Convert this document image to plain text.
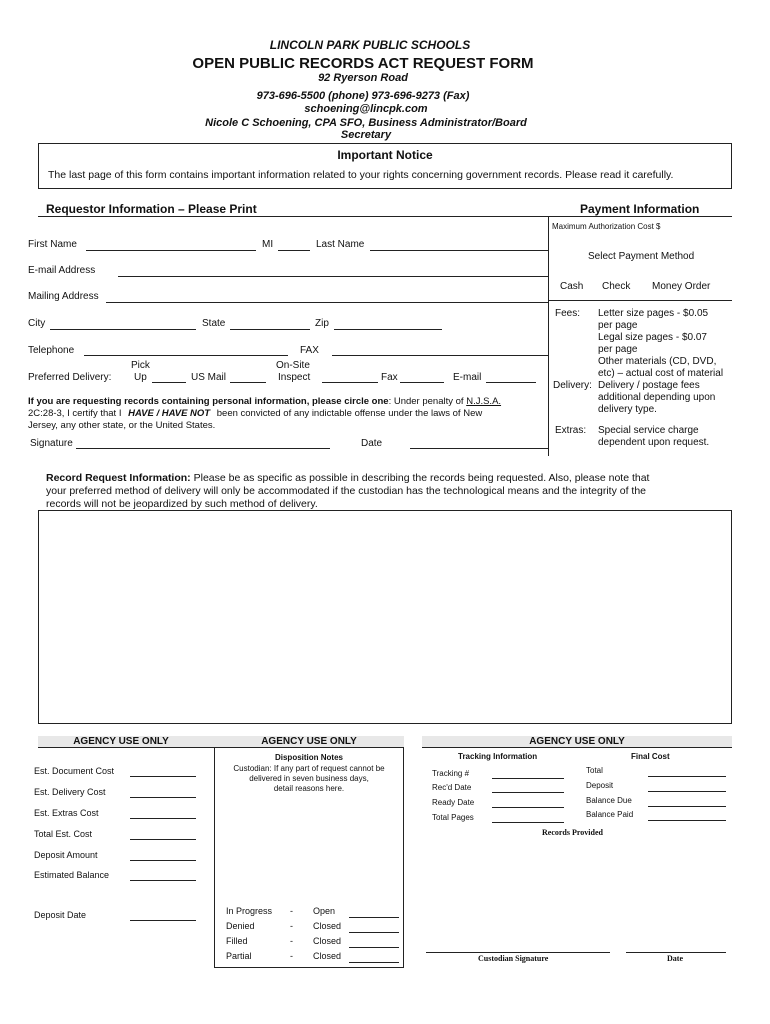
LINCOLN PARK PUBLIC SCHOOLS
OPEN PUBLIC RECORDS ACT REQUEST FORM
92 Ryerson Road
973-696-5500 (phone) 973-696-9273 (Fax)
schoening@lincpk.com
Nicole C Schoening, CPA SFO, Business Administrator/Board
Secretary
Important Notice
The last page of this form contains important information related to your rights concerning government records. Please read it carefully.
Requestor Information – Please Print
First Name	MI	Last Name
E-mail Address
Mailing Address
City	State	Zip
Telephone	FAX
Pick	On-Site
Preferred Delivery: Up	US Mail	Inspect	Fax	E-mail
If you are requesting records containing personal information, please circle one: Under penalty of N.J.S.A.
2C:28-3, I certify that I HAVE / HAVE NOT been convicted of any indictable offense under the laws of New
Jersey, any other state, or the United States.
Signature	Date
Payment Information
Maximum Authorization Cost $
Select Payment Method
Cash Check Money Order
Fees: Letter size pages - $0.05
per page
Legal size pages - $0.07
per page
Other materials (CD, DVD,
etc) – actual cost of material
Delivery: Delivery / postage fees
additional depending upon
delivery type.
Extras: Special service charge
dependent upon request.
Record Request Information: Please be as specific as possible in describing the records being requested. Also, please note that
your preferred method of delivery will only be accommodated if the custodian has the technological means and the integrity of the
records will not be jeopardized by such method of delivery.
AGENCY USE ONLY
Est. Document Cost
Est. Delivery Cost
Est. Extras Cost
Total Est. Cost
Deposit Amount
Estimated Balance
Deposit Date
AGENCY USE ONLY
Disposition Notes
Custodian: If any part of request cannot be
delivered in seven business days,
detail reasons here.
In Progress - Open
Denied	- Closed
Filled	- Closed
Partial	- Closed
AGENCY USE ONLY
Tracking Information
Tracking #
Rec'd Date
Ready Date
Total Pages
Final Cost
Total
Deposit
Balance Due
Balance Paid
Records Provided
Custodian Signature	Date
